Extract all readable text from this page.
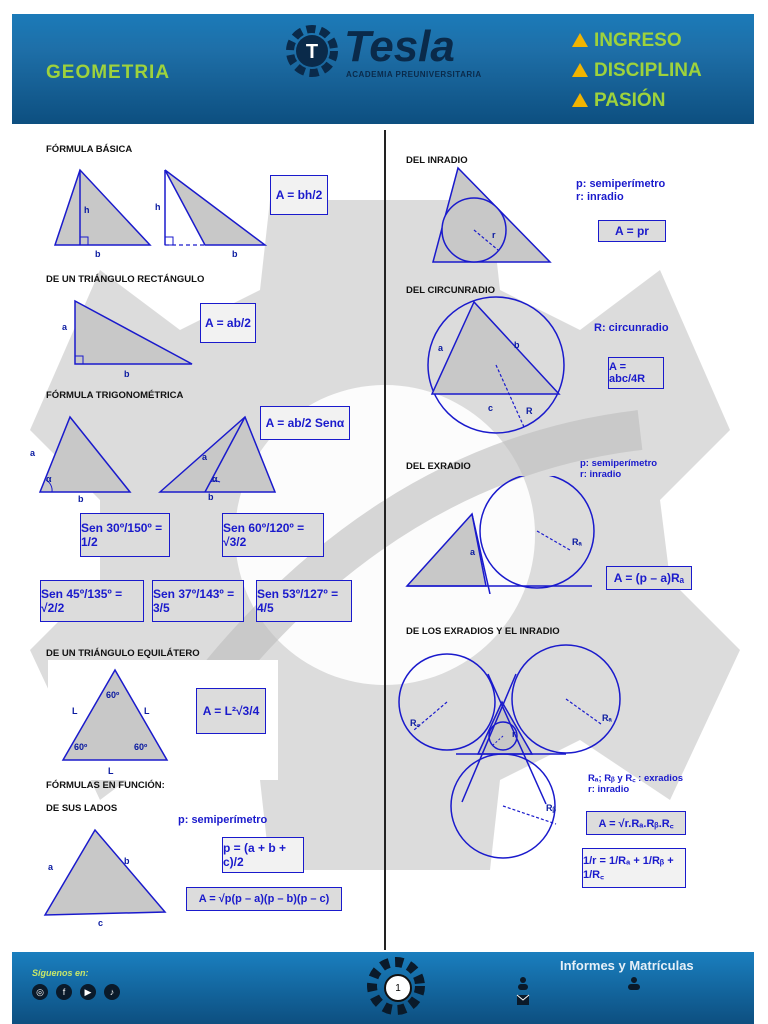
GEOMETRIA
T Tesla
ACADEMIA PREUNIVERSITARIA
INGRESO
DISCIPLINA
PASIÓN
FÓRMULA BÁSICA
h
b
h
b
A = bh/2
DE UN TRIÁNGULO RECTÁNGULO
a
b
A = ab/2
FÓRMULA TRIGONOMÉTRICA
a
α
b
a
α
b
A = ab/2 Senα
Sen 30º/150º = 1/2
Sen 60º/120º = √3/2
Sen 45º/135º = √2/2
Sen 37º/143º = 3/5
Sen 53º/127º = 4/5
DE UN TRIÁNGULO EQUILÁTERO
60º
60º	60º
L	L
L
A = L²√3/4
FÓRMULAS EN FUNCIÓN:
DE SUS LADOS
a
b
c
p: semiperímetro
p = (a + b + c)/2
A = √p(p – a)(p – b)(p – c)
DEL INRADIO
r
p: semiperímetro
r: inradio
A = pr
DEL CIRCUNRADIO
a	b
c	R
R: circunradio
A = abc/4R
DEL EXRADIO
a
Rₐ
p: semiperímetro
r: inradio
A = (p – a)Rₐ
DE LOS EXRADIOS Y EL INRADIO
R꜀	Rₐ
Rᵦ
r
Rₐ; Rᵦ y R꜀ : exradios
r: inradio
A = √r.Rₐ.Rᵦ.R꜀
1/r = 1/Rₐ + 1/Rᵦ + 1/R꜀
Síguenos en:
◎	f	▶	♪
Informes y Matrículas
1
